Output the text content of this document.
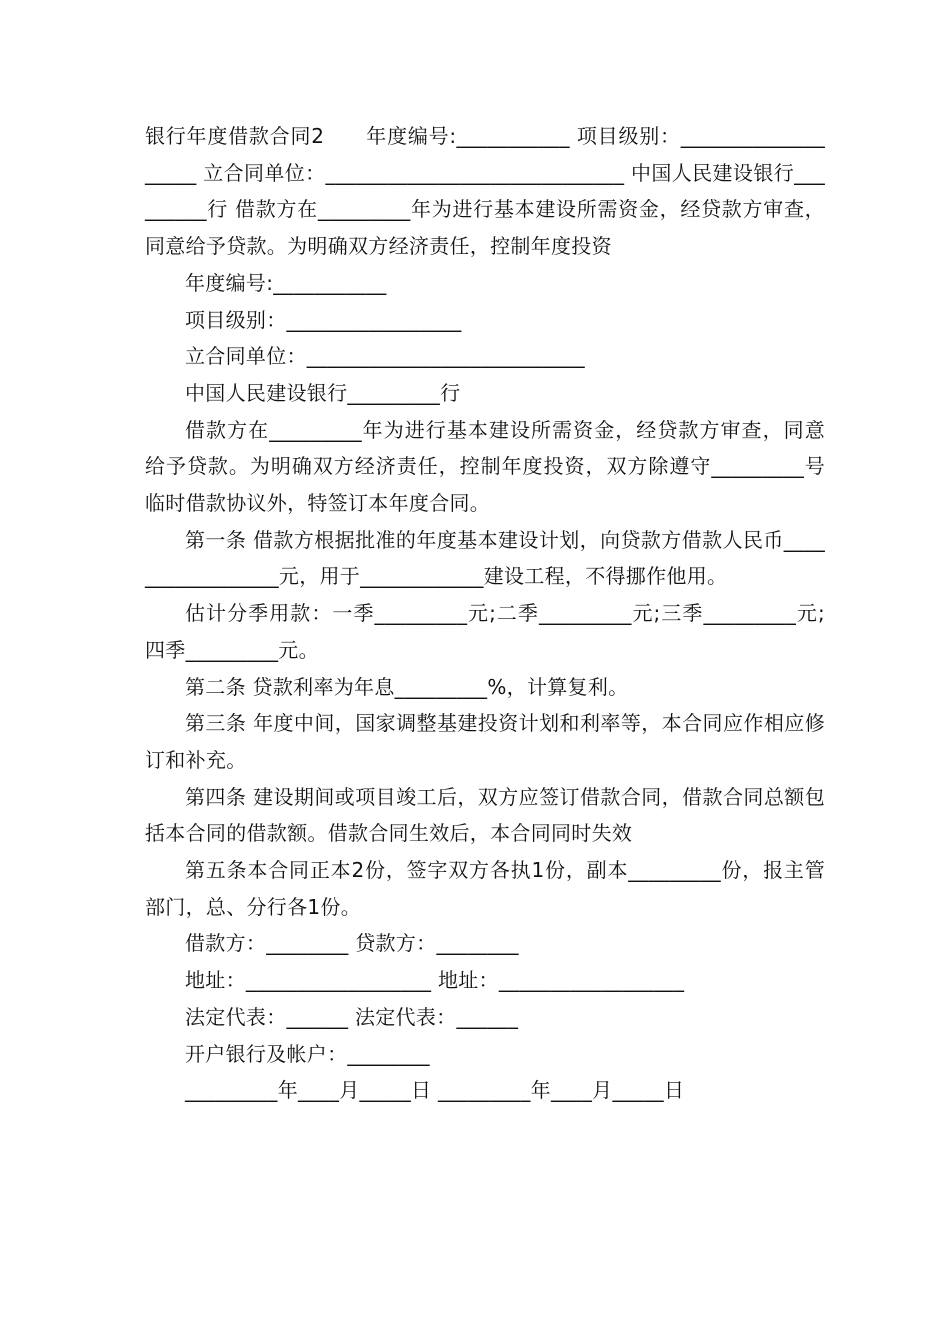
银行年度借款合同2　　年度编号:___________ 项目级别：___________________ 立合同单位：_____________________________ 中国人民建设银行_________行 借款方在_________年为进行基本建设所需资金，经贷款方审查，同意给予贷款。为明确双方经济责任，控制年度投资

年度编号:___________

项目级别：_________________

立合同单位：___________________________

中国人民建设银行_________行

借款方在_________年为进行基本建设所需资金，经贷款方审查，同意给予贷款。为明确双方经济责任，控制年度投资，双方除遵守_________号临时借款协议外，特签订本年度合同。

第一条 借款方根据批准的年度基本建设计划，向贷款方借款人民币_________________元，用于____________建设工程，不得挪作他用。

估计分季用款：一季_________元;二季_________元;三季_________元;四季_________元。

第二条 贷款利率为年息_________%，计算复利。

第三条 年度中间，国家调整基建投资计划和利率等，本合同应作相应修订和补充。

第四条 建设期间或项目竣工后，双方应签订借款合同，借款合同总额包括本合同的借款额。借款合同生效后，本合同同时失效

第五条本合同正本2份，签字双方各执1份，副本_________份，报主管部门，总、分行各1份。

借款方：________ 贷款方：________

地址：__________________ 地址：__________________

法定代表：______ 法定代表：______

开户银行及帐户：________

_________年____月_____日 _________年____月_____日
